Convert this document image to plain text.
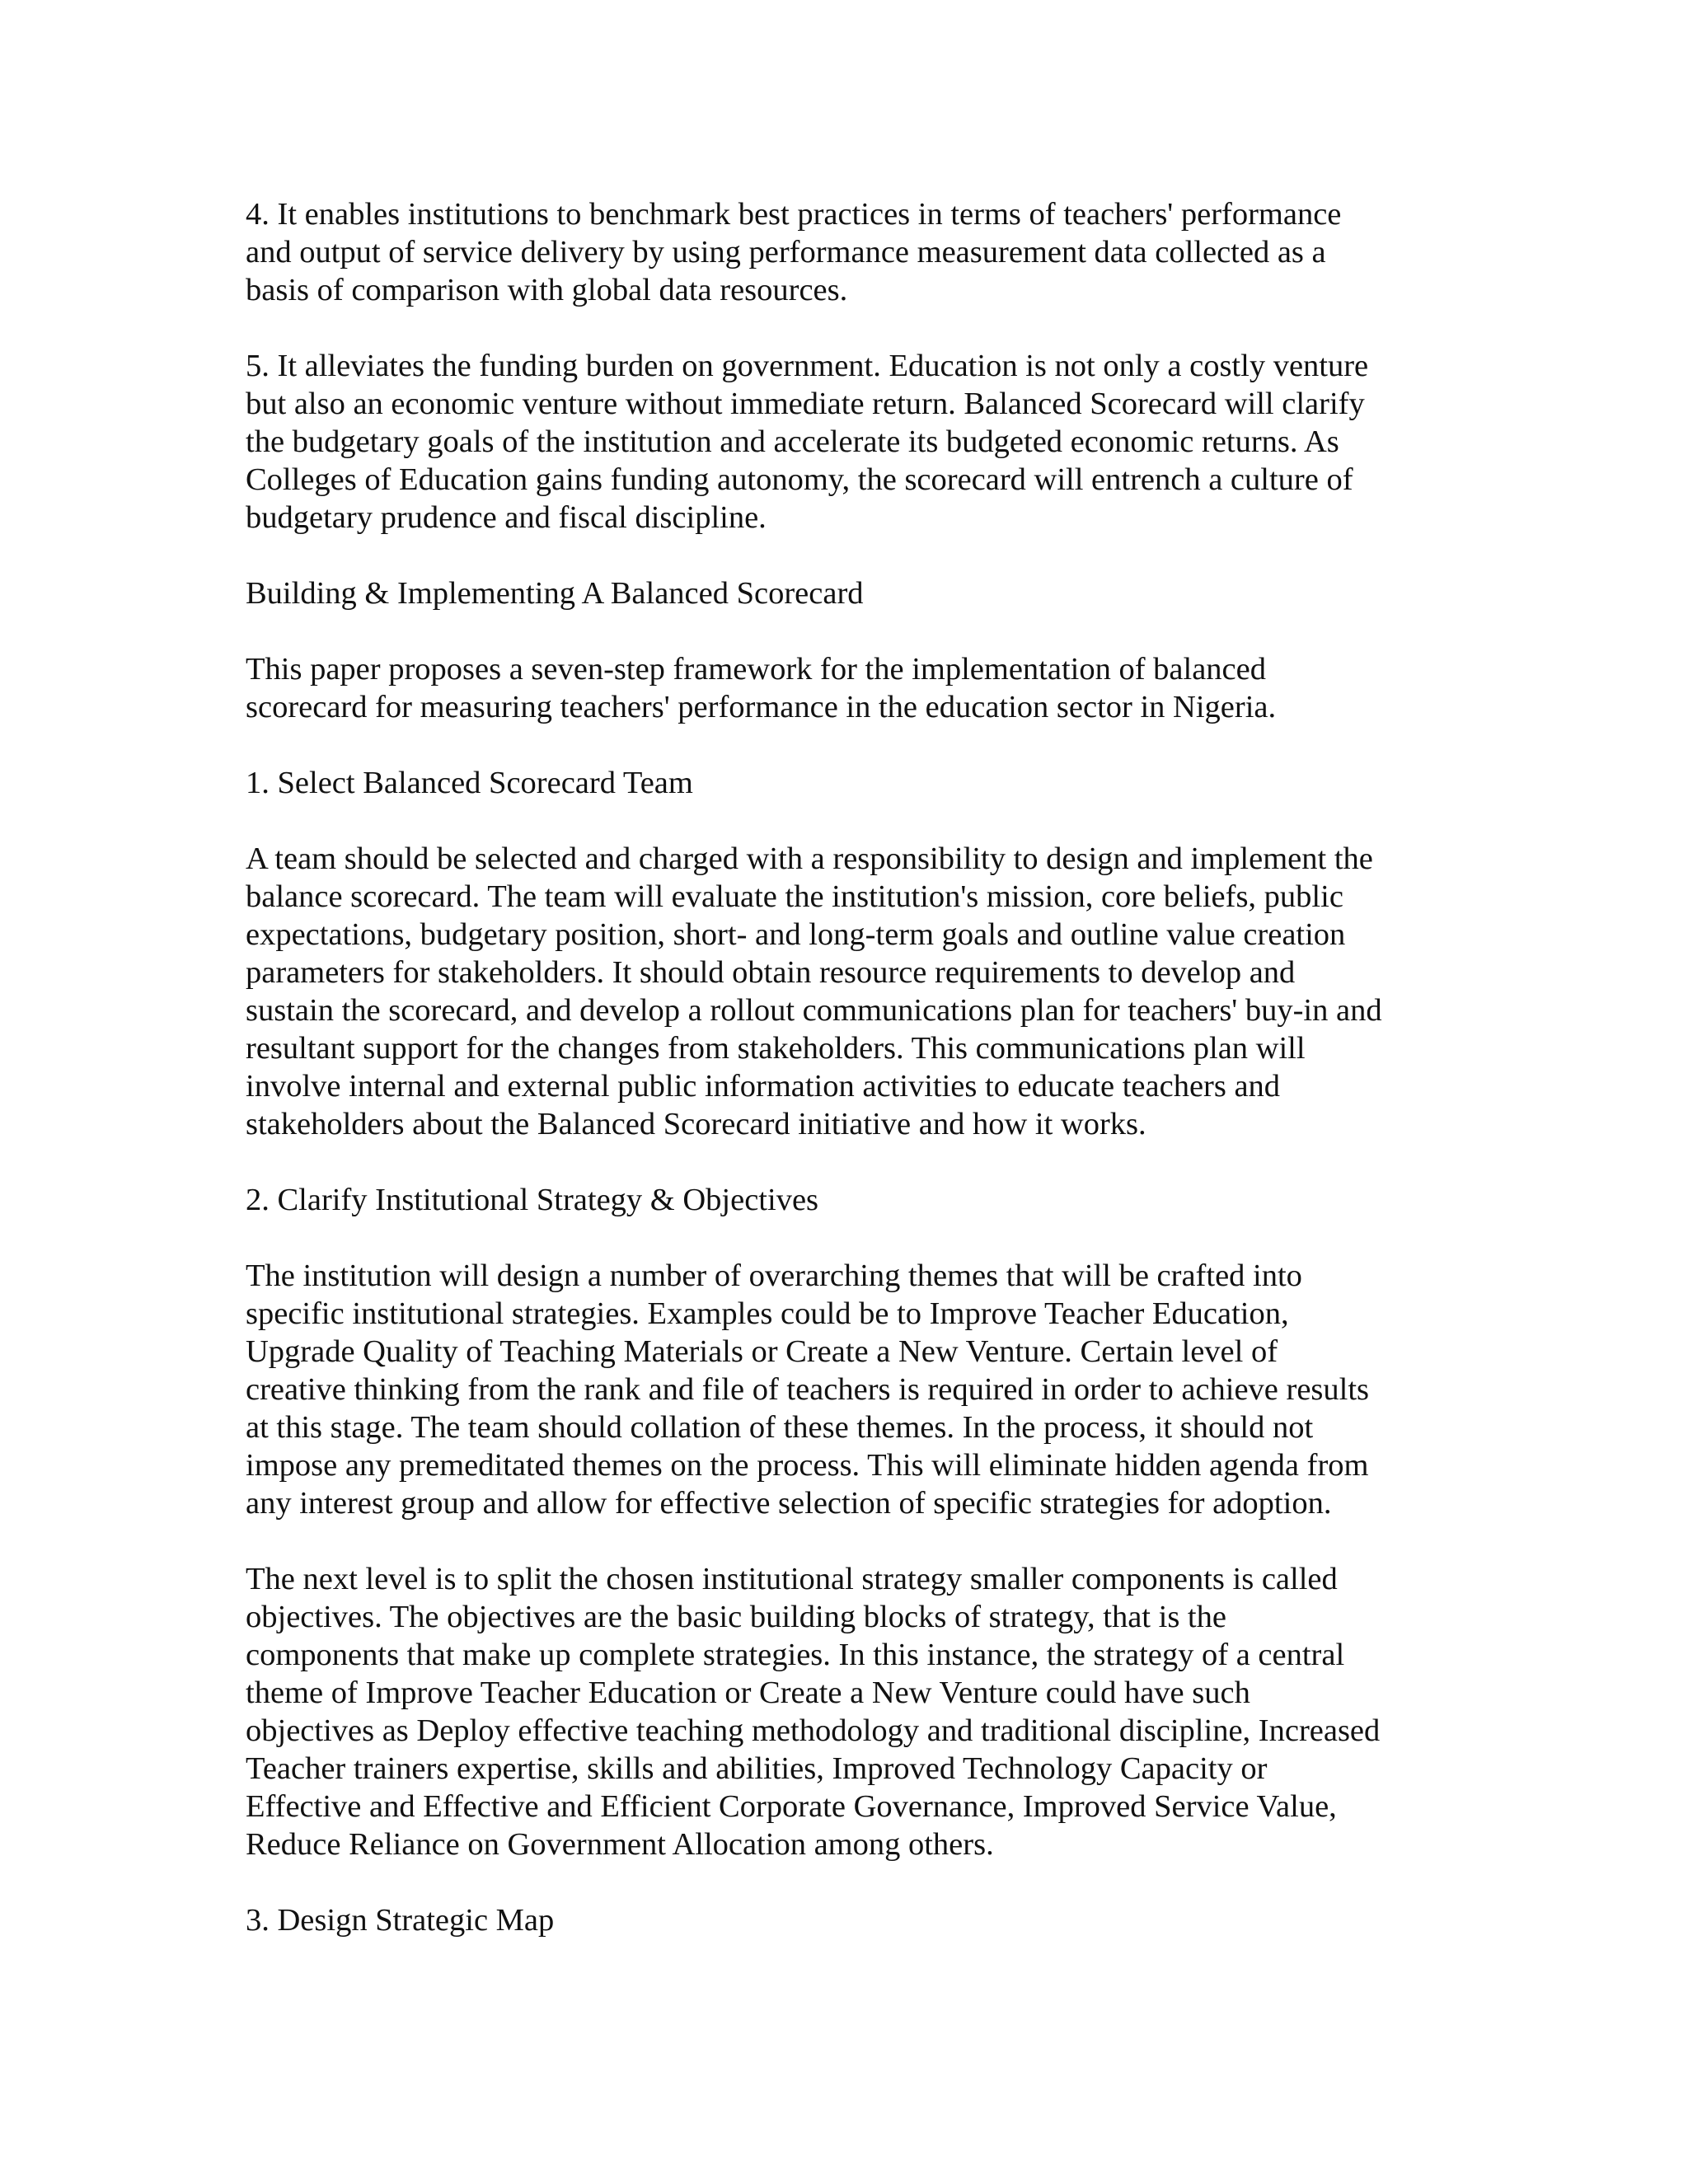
4. It enables institutions to benchmark best practices in terms of teachers' performance
and output of service delivery by using performance measurement data collected as a
basis of comparison with global data resources.

5. It alleviates the funding burden on government. Education is not only a costly venture
but also an economic venture without immediate return. Balanced Scorecard will clarify
the budgetary goals of the institution and accelerate its budgeted economic returns. As
Colleges of Education gains funding autonomy, the scorecard will entrench a culture of
budgetary prudence and fiscal discipline.

Building & Implementing A Balanced Scorecard

This paper proposes a seven-step framework for the implementation of balanced
scorecard for measuring teachers' performance in the education sector in Nigeria.

1. Select Balanced Scorecard Team

A team should be selected and charged with a responsibility to design and implement the
balance scorecard. The team will evaluate the institution's mission, core beliefs, public
expectations, budgetary position, short- and long-term goals and outline value creation
parameters for stakeholders. It should obtain resource requirements to develop and
sustain the scorecard, and develop a rollout communications plan for teachers' buy-in and
resultant support for the changes from stakeholders. This communications plan will
involve internal and external public information activities to educate teachers and
stakeholders about the Balanced Scorecard initiative and how it works.

2. Clarify Institutional Strategy & Objectives

The institution will design a number of overarching themes that will be crafted into
specific institutional strategies. Examples could be to Improve Teacher Education,
Upgrade Quality of Teaching Materials or Create a New Venture. Certain level of
creative thinking from the rank and file of teachers is required in order to achieve results
at this stage. The team should collation of these themes. In the process, it should not
impose any premeditated themes on the process. This will eliminate hidden agenda from
any interest group and allow for effective selection of specific strategies for adoption.

The next level is to split the chosen institutional strategy smaller components is called
objectives. The objectives are the basic building blocks of strategy, that is the
components that make up complete strategies. In this instance, the strategy of a central
theme of Improve Teacher Education or Create a New Venture could have such
objectives as Deploy effective teaching methodology and traditional discipline, Increased
Teacher trainers expertise, skills and abilities, Improved Technology Capacity or
Effective and Effective and Efficient Corporate Governance, Improved Service Value,
Reduce Reliance on Government Allocation among others.

3. Design Strategic Map
